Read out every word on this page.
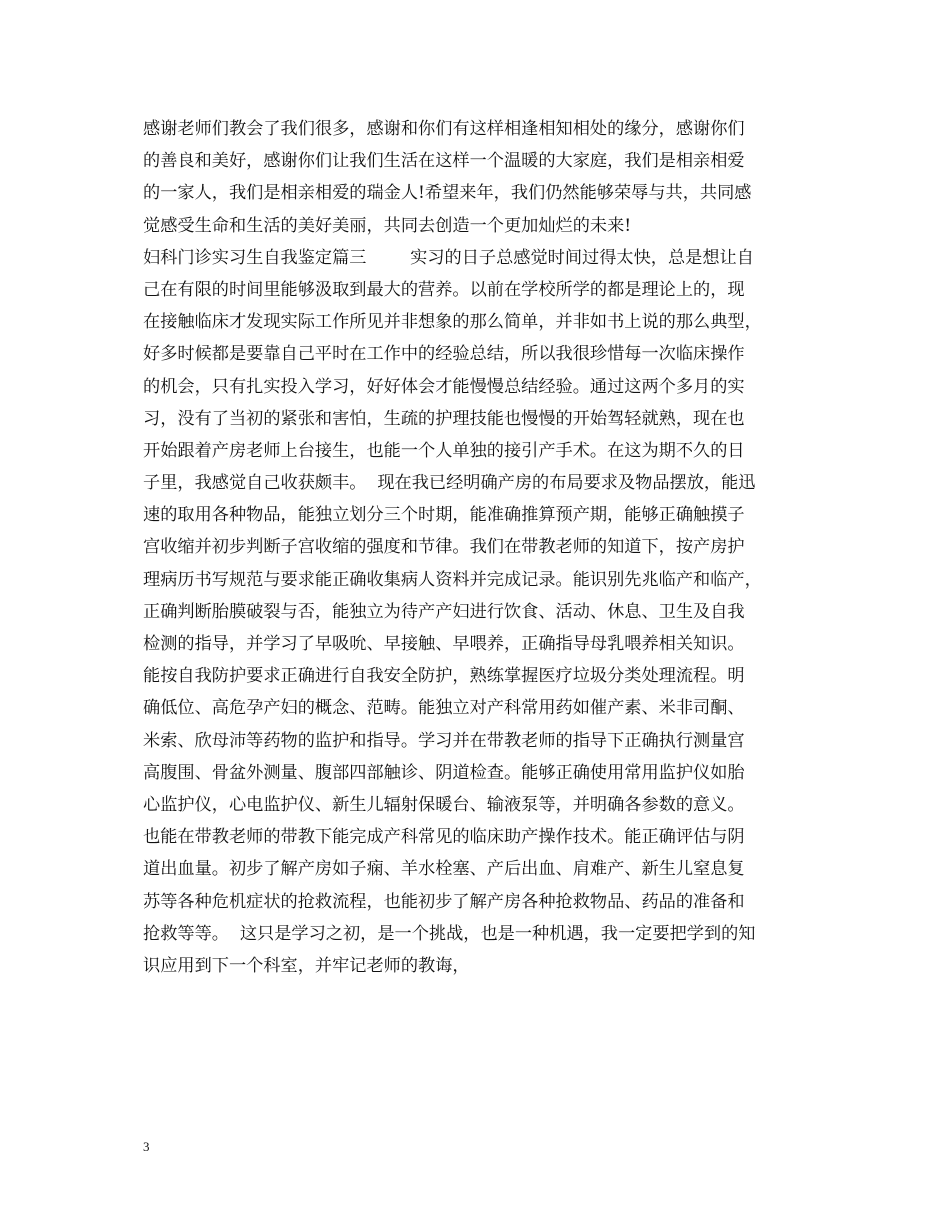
感谢老师们教会了我们很多，感谢和你们有这样相逢相知相处的缘分，感谢你们
的善良和美好，感谢你们让我们生活在这样一个温暖的大家庭，我们是相亲相爱
的一家人，我们是相亲相爱的瑞金人!希望来年，我们仍然能够荣辱与共，共同感
觉感受生命和生活的美好美丽，共同去创造一个更加灿烂的未来!
妇科门诊实习生自我鉴定篇三        实习的日子总感觉时间过得太快，总是想让自
己在有限的时间里能够汲取到最大的营养。以前在学校所学的都是理论上的，现
在接触临床才发现实际工作所见并非想象的那么简单，并非如书上说的那么典型，
好多时候都是要靠自己平时在工作中的经验总结，所以我很珍惜每一次临床操作
的机会，只有扎实投入学习，好好体会才能慢慢总结经验。通过这两个多月的实
习，没有了当初的紧张和害怕，生疏的护理技能也慢慢的开始驾轻就熟，现在也
开始跟着产房老师上台接生，也能一个人单独的接引产手术。在这为期不久的日
子里，我感觉自己收获颇丰。  现在我已经明确产房的布局要求及物品摆放，能迅
速的取用各种物品，能独立划分三个时期，能准确推算预产期，能够正确触摸子
宫收缩并初步判断子宫收缩的强度和节律。我们在带教老师的知道下，按产房护
理病历书写规范与要求能正确收集病人资料并完成记录。能识别先兆临产和临产，
正确判断胎膜破裂与否，能独立为待产产妇进行饮食、活动、休息、卫生及自我
检测的指导，并学习了早吸吮、早接触、早喂养，正确指导母乳喂养相关知识。
能按自我防护要求正确进行自我安全防护，熟练掌握医疗垃圾分类处理流程。明
确低位、高危孕产妇的概念、范畴。能独立对产科常用药如催产素、米非司酮、
米索、欣母沛等药物的监护和指导。学习并在带教老师的指导下正确执行测量宫
高腹围、骨盆外测量、腹部四部触诊、阴道检查。能够正确使用常用监护仪如胎
心监护仪，心电监护仪、新生儿辐射保暖台、输液泵等，并明确各参数的意义。
也能在带教老师的带教下能完成产科常见的临床助产操作技术。能正确评估与阴
道出血量。初步了解产房如子痫、羊水栓塞、产后出血、肩难产、新生儿窒息复
苏等各种危机症状的抢救流程，也能初步了解产房各种抢救物品、药品的准备和
抢救等等。  这只是学习之初，是一个挑战，也是一种机遇，我一定要把学到的知
识应用到下一个科室，并牢记老师的教诲，
3
